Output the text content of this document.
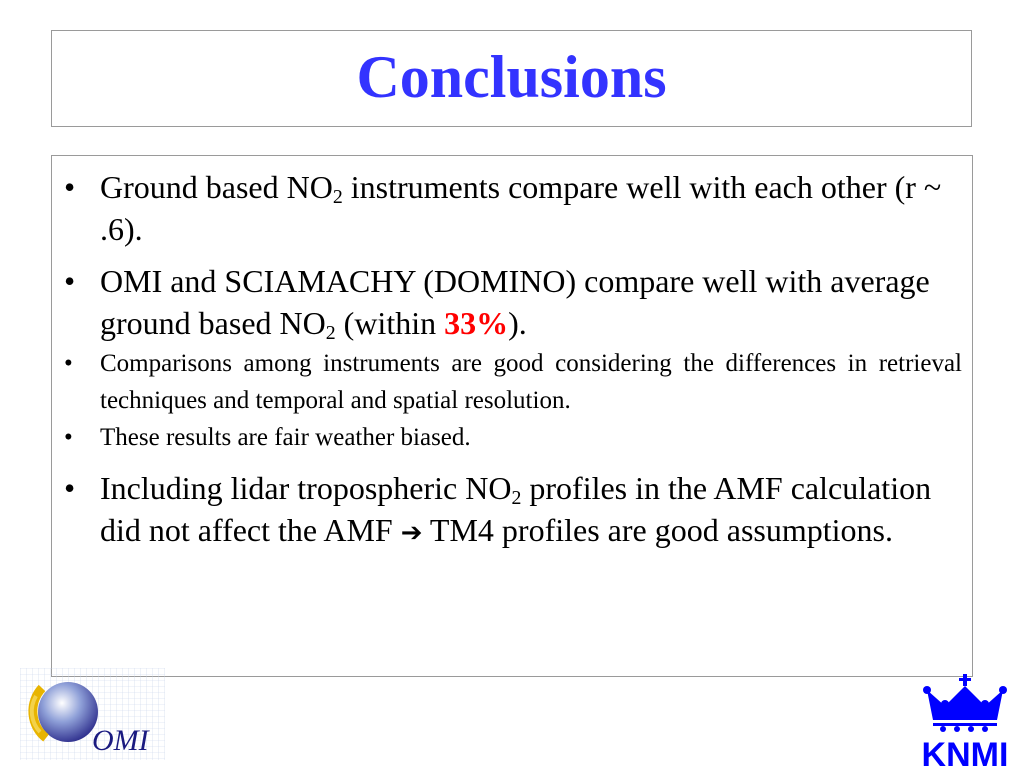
Conclusions
• Ground based $NO_2$ instruments compare well with each other (r ~ .6).
• OMI and SCIAMACHY (DOMINO) compare well with average ground based $NO_2$ (within 33%).
• Comparisons among instruments are good considering the differences in retrieval techniques and temporal and spatial resolution.
• These results are fair weather biased.
• Including lidar tropospheric $NO_2$ profiles in the AMF calculation did not affect the AMF ➔ TM4 profiles are good assumptions.
OMI	KNMI
